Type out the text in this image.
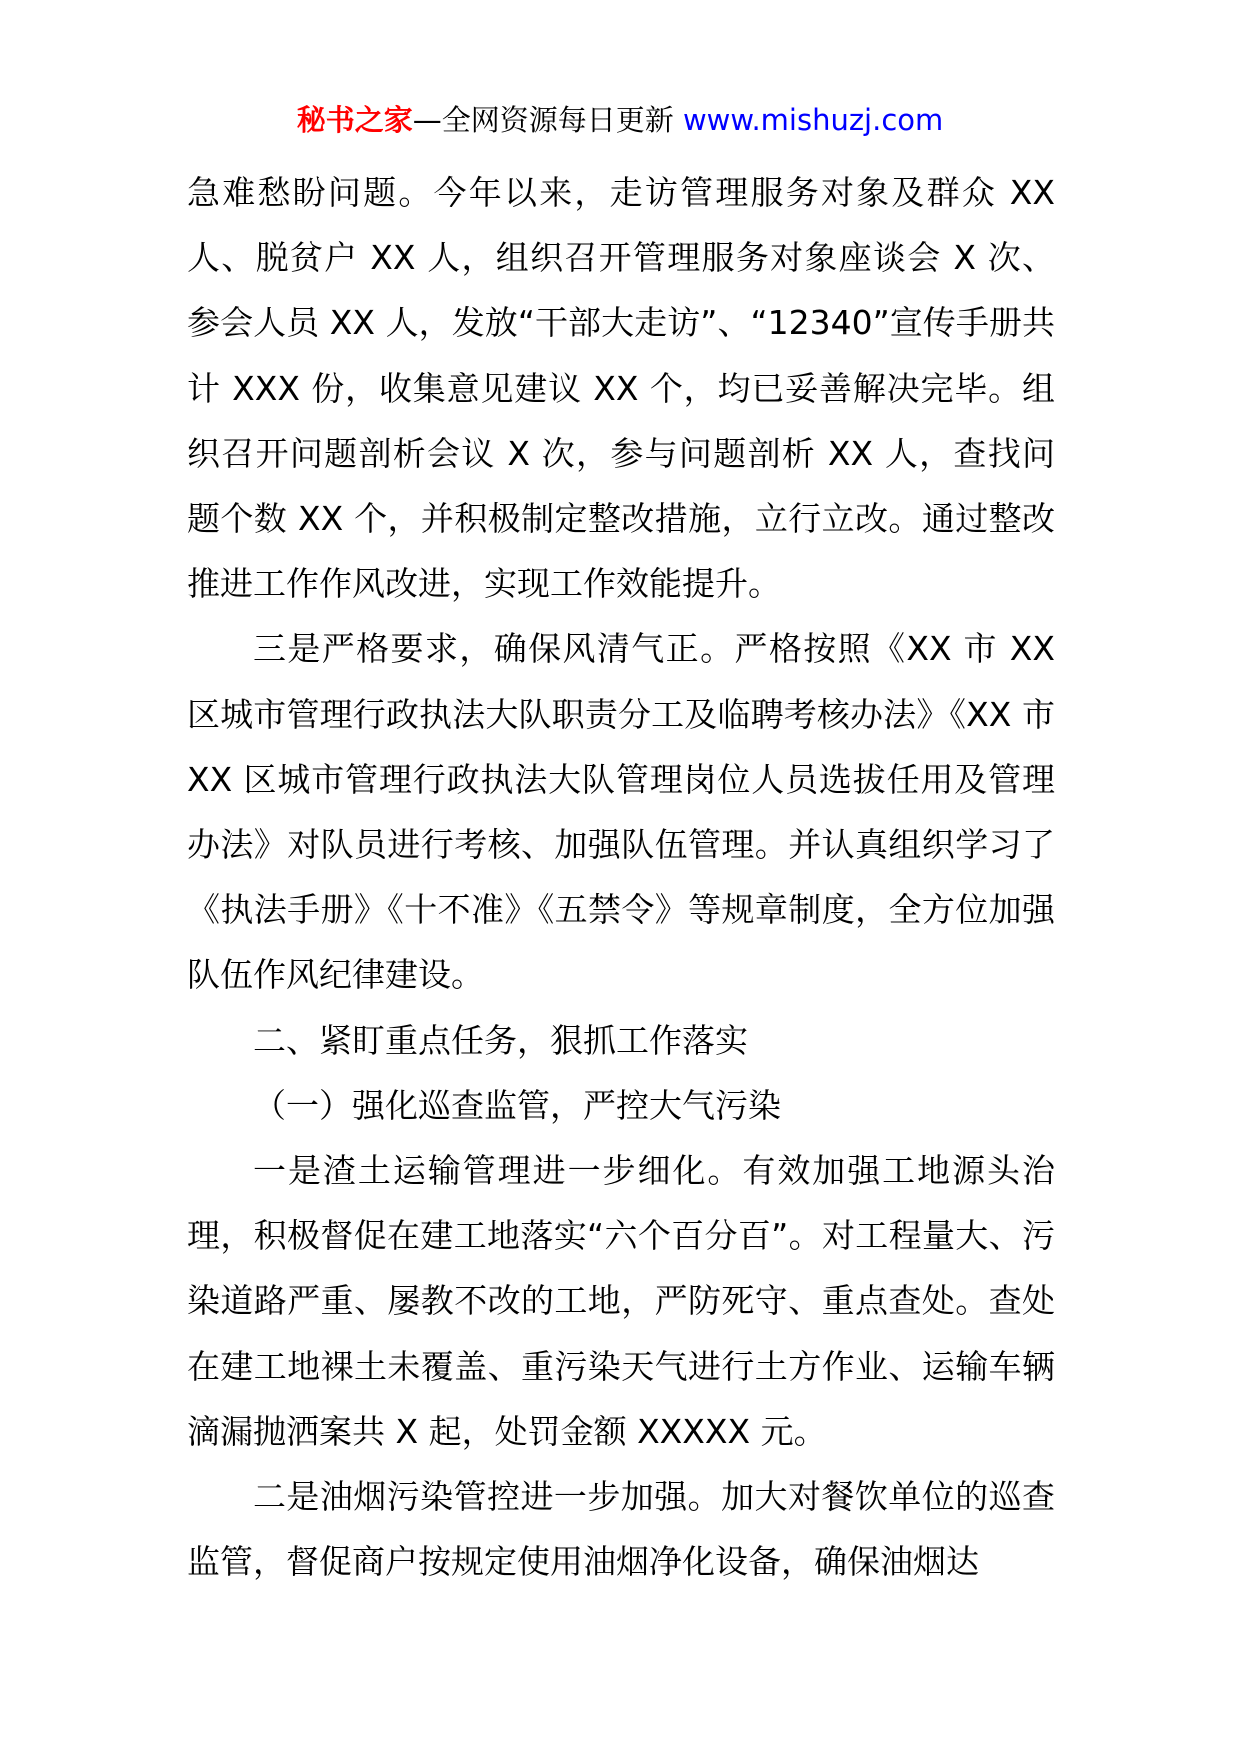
秘书之家—全网资源每日更新 www.mishuzj.com

急难愁盼问题。今年以来，走访管理服务对象及群众 XX 人、脱贫户 XX 人，组织召开管理服务对象座谈会 X 次、参会人员 XX 人，发放“干部大走访”、“12340”宣传手册共计 XXX 份，收集意见建议 XX 个，均已妥善解决完毕。组织召开问题剖析会议 X 次，参与问题剖析 XX 人，查找问题个数 XX 个，并积极制定整改措施，立行立改。通过整改推进工作作风改进，实现工作效能提升。

三是严格要求，确保风清气正。严格按照《XX 市 XX 区城市管理行政执法大队职责分工及临聘考核办法》《XX 市 XX 区城市管理行政执法大队管理岗位人员选拔任用及管理办法》对队员进行考核、加强队伍管理。并认真组织学习了《执法手册》《十不准》《五禁令》等规章制度，全方位加强队伍作风纪律建设。

二、紧盯重点任务，狠抓工作落实

（一）强化巡查监管，严控大气污染

一是渣土运输管理进一步细化。有效加强工地源头治理，积极督促在建工地落实“六个百分百”。对工程量大、污染道路严重、屡教不改的工地，严防死守、重点查处。查处在建工地裸土未覆盖、重污染天气进行土方作业、运输车辆滴漏抛洒案共 X 起，处罚金额 XXXXX 元。

二是油烟污染管控进一步加强。加大对餐饮单位的巡查监管，督促商户按规定使用油烟净化设备，确保油烟达
